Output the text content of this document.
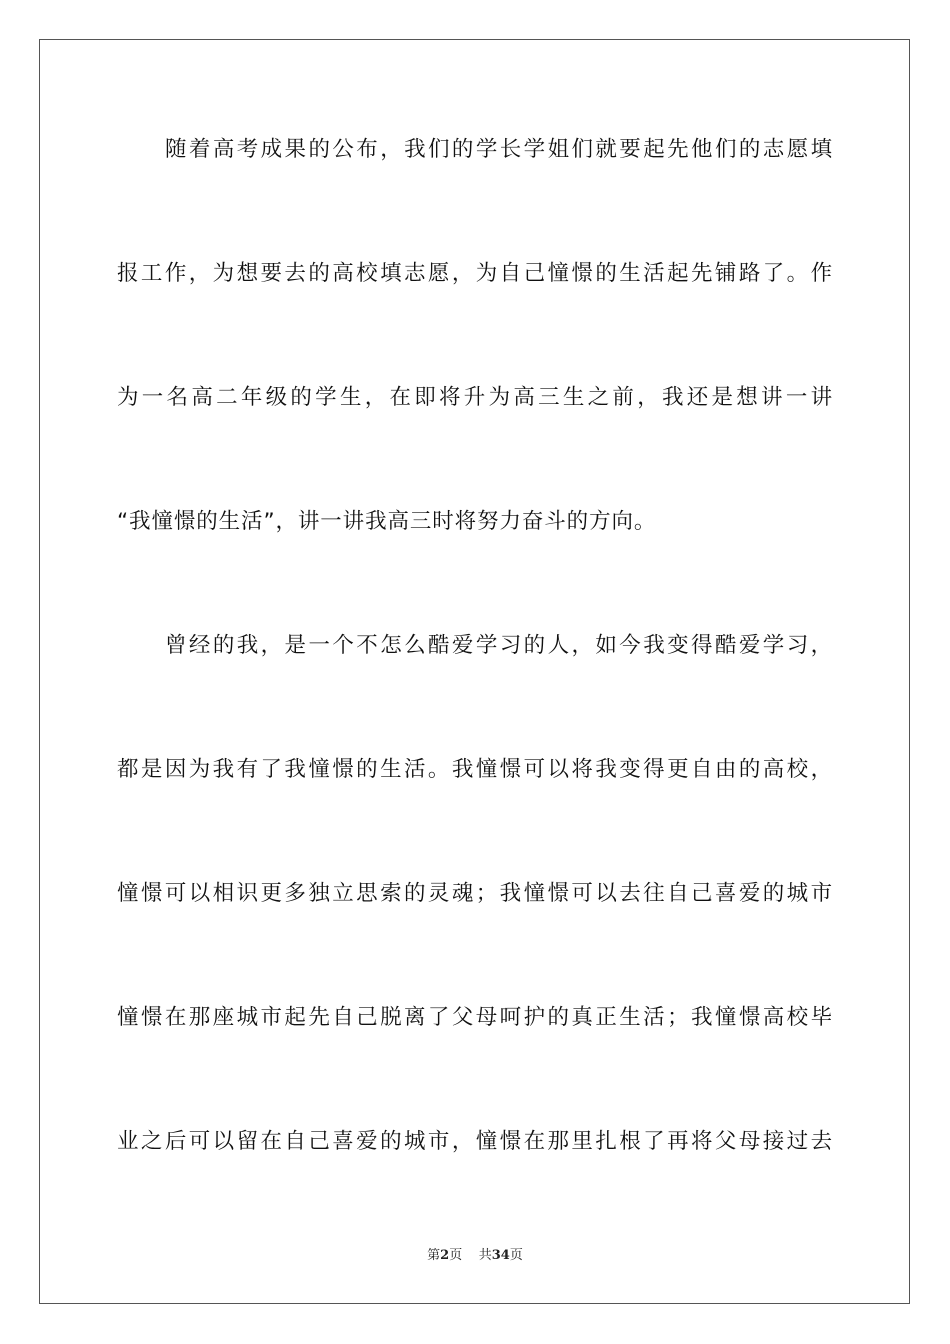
随着高考成果的公布，我们的学长学姐们就要起先他们的志愿填
报工作，为想要去的高校填志愿，为自己憧憬的生活起先铺路了。作
为一名高二年级的学生，在即将升为高三生之前，我还是想讲一讲
“我憧憬的生活”，讲一讲我高三时将努力奋斗的方向。
曾经的我，是一个不怎么酷爱学习的人，如今我变得酷爱学习，
都是因为我有了我憧憬的生活。我憧憬可以将我变得更自由的高校，
憧憬可以相识更多独立思索的灵魂；我憧憬可以去往自己喜爱的城市
憧憬在那座城市起先自己脱离了父母呵护的真正生活；我憧憬高校毕
业之后可以留在自己喜爱的城市，憧憬在那里扎根了再将父母接过去
第2页 共34页
